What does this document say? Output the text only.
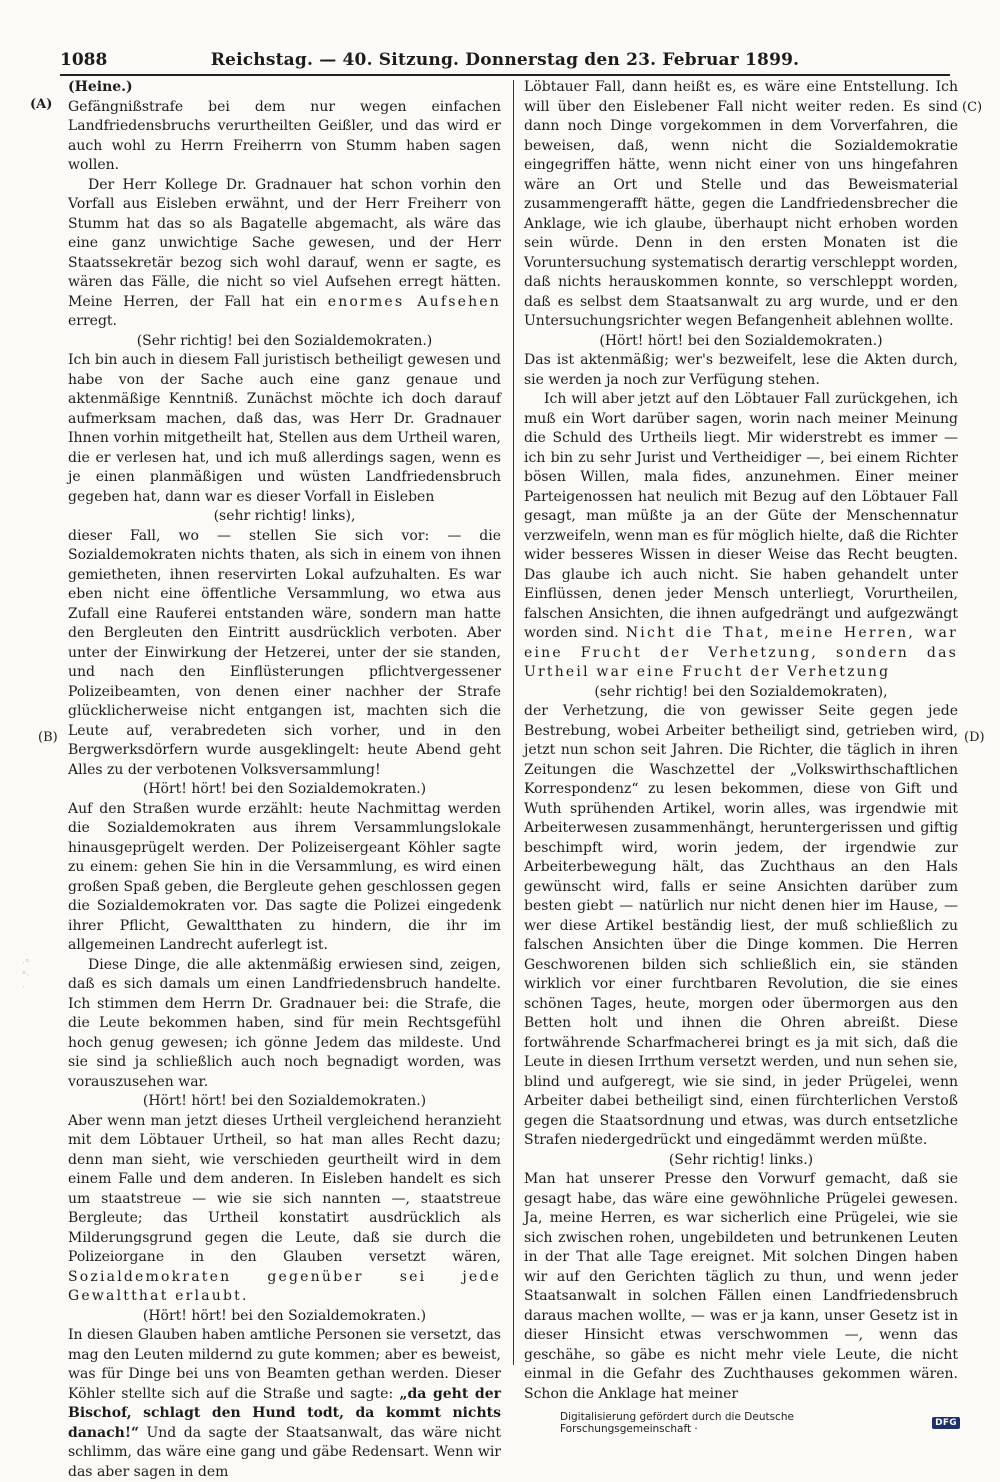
1088	Reichstag. — 40. Sitzung. Donnerstag den 23. Februar 1899.
(A)
(B)
(C)
(D)
·°
°·
·

(Heine.)

Gefängnißstrafe bei dem nur wegen einfachen Landfriedensbruchs verurtheilten Geißler, und das wird er auch wohl zu Herrn Freiherrn von Stumm haben sagen wollen.

Der Herr Kollege Dr. Gradnauer hat schon vorhin den Vorfall aus Eisleben erwähnt, und der Herr Freiherr von Stumm hat das so als Bagatelle abgemacht, als wäre das eine ganz unwichtige Sache gewesen, und der Herr Staatssekretär bezog sich wohl darauf, wenn er sagte, es wären das Fälle, die nicht so viel Aufsehen erregt hätten. Meine Herren, der Fall hat ein enormes Aufsehen erregt.

(Sehr richtig! bei den Sozialdemokraten.)

Ich bin auch in diesem Fall juristisch betheiligt gewesen und habe von der Sache auch eine ganz genaue und aktenmäßige Kenntniß. Zunächst möchte ich doch darauf aufmerksam machen, daß das, was Herr Dr. Gradnauer Ihnen vorhin mitgetheilt hat, Stellen aus dem Urtheil waren, die er verlesen hat, und ich muß allerdings sagen, wenn es je einen planmäßigen und wüsten Landfriedensbruch gegeben hat, dann war es dieser Vorfall in Eisleben

(sehr richtig! links),

dieser Fall, wo — stellen Sie sich vor: — die Sozialdemokraten nichts thaten, als sich in einem von ihnen gemietheten, ihnen reservirten Lokal aufzuhalten. Es war eben nicht eine öffentliche Versammlung, wo etwa aus Zufall eine Rauferei entstanden wäre, sondern man hatte den Bergleuten den Eintritt ausdrücklich verboten. Aber unter der Einwirkung der Hetzerei, unter der sie standen, und nach den Einflüsterungen pflichtvergessener Polizeibeamten, von denen einer nachher der Strafe glücklicherweise nicht entgangen ist, machten sich die Leute auf, verabredeten sich vorher, und in den Bergwerksdörfern wurde ausgeklingelt: heute Abend geht Alles zu der verbotenen Volksversammlung!

(Hört! hört! bei den Sozialdemokraten.)

Auf den Straßen wurde erzählt: heute Nachmittag werden die Sozialdemokraten aus ihrem Versammlungslokale hinausgeprügelt werden. Der Polizeisergeant Köhler sagte zu einem: gehen Sie hin in die Versammlung, es wird einen großen Spaß geben, die Bergleute gehen geschlossen gegen die Sozialdemokraten vor. Das sagte die Polizei eingedenk ihrer Pflicht, Gewaltthaten zu hindern, die ihr im allgemeinen Landrecht auferlegt ist.

Diese Dinge, die alle aktenmäßig erwiesen sind, zeigen, daß es sich damals um einen Landfriedensbruch handelte. Ich stimmen dem Herrn Dr. Gradnauer bei: die Strafe, die die Leute bekommen haben, sind für mein Rechtsgefühl hoch genug gewesen; ich gönne Jedem das mildeste. Und sie sind ja schließlich auch noch begnadigt worden, was vorauszusehen war.

(Hört! hört! bei den Sozialdemokraten.)

Aber wenn man jetzt dieses Urtheil vergleichend heranzieht mit dem Löbtauer Urtheil, so hat man alles Recht dazu; denn man sieht, wie verschieden geurtheilt wird in dem einem Falle und dem anderen. In Eisleben handelt es sich um staatstreue — wie sie sich nannten —, staatstreue Bergleute; das Urtheil konstatirt ausdrücklich als Milderungsgrund gegen die Leute, daß sie durch die Polizeiorgane in den Glauben versetzt wären, Sozialdemokraten gegenüber sei jede Gewaltthat erlaubt.

(Hört! hört! bei den Sozialdemokraten.)

In diesen Glauben haben amtliche Personen sie versetzt, das mag den Leuten mildernd zu gute kommen; aber es beweist, was für Dinge bei uns von Beamten gethan werden. Dieser Köhler stellte sich auf die Straße und sagte: „da geht der Bischof, schlagt den Hund todt, da kommt nichts danach!“ Und da sagte der Staatsanwalt, das wäre nicht schlimm, das wäre eine gang und gäbe Redensart. Wenn wir das aber sagen in dem

Löbtauer Fall, dann heißt es, es wäre eine Entstellung. Ich will über den Eislebener Fall nicht weiter reden. Es sind dann noch Dinge vorgekommen in dem Vorverfahren, die beweisen, daß, wenn nicht die Sozialdemokratie eingegriffen hätte, wenn nicht einer von uns hingefahren wäre an Ort und Stelle und das Beweismaterial zusammengerafft hätte, gegen die Landfriedensbrecher die Anklage, wie ich glaube, überhaupt nicht erhoben worden sein würde. Denn in den ersten Monaten ist die Voruntersuchung systematisch derartig verschleppt worden, daß nichts herauskommen konnte, so verschleppt worden, daß es selbst dem Staatsanwalt zu arg wurde, und er den Untersuchungsrichter wegen Befangenheit ablehnen wollte.

(Hört! hört! bei den Sozialdemokraten.)

Das ist aktenmäßig; wer's bezweifelt, lese die Akten durch, sie werden ja noch zur Verfügung stehen.

Ich will aber jetzt auf den Löbtauer Fall zurückgehen, ich muß ein Wort darüber sagen, worin nach meiner Meinung die Schuld des Urtheils liegt. Mir widerstrebt es immer — ich bin zu sehr Jurist und Vertheidiger —, bei einem Richter bösen Willen, mala fides, anzunehmen. Einer meiner Parteigenossen hat neulich mit Bezug auf den Löbtauer Fall gesagt, man müßte ja an der Güte der Menschennatur verzweifeln, wenn man es für möglich hielte, daß die Richter wider besseres Wissen in dieser Weise das Recht beugten. Das glaube ich auch nicht. Sie haben gehandelt unter Einflüssen, denen jeder Mensch unterliegt, Vorurtheilen, falschen Ansichten, die ihnen aufgedrängt und aufgezwängt worden sind. Nicht die That, meine Herren, war eine Frucht der Verhetzung, sondern das Urtheil war eine Frucht der Verhetzung

(sehr richtig! bei den Sozialdemokraten),

der Verhetzung, die von gewisser Seite gegen jede Bestrebung, wobei Arbeiter betheiligt sind, getrieben wird, jetzt nun schon seit Jahren. Die Richter, die täglich in ihren Zeitungen die Waschzettel der „Volkswirthschaftlichen Korrespondenz“ zu lesen bekommen, diese von Gift und Wuth sprühenden Artikel, worin alles, was irgendwie mit Arbeiterwesen zusammenhängt, heruntergerissen und giftig beschimpft wird, worin jedem, der irgendwie zur Arbeiterbewegung hält, das Zuchthaus an den Hals gewünscht wird, falls er seine Ansichten darüber zum besten giebt — natürlich nur nicht denen hier im Hause, — wer diese Artikel beständig liest, der muß schließlich zu falschen Ansichten über die Dinge kommen. Die Herren Geschworenen bilden sich schließlich ein, sie ständen wirklich vor einer furchtbaren Revolution, die sie eines schönen Tages, heute, morgen oder übermorgen aus den Betten holt und ihnen die Ohren abreißt. Diese fortwährende Scharfmacherei bringt es ja mit sich, daß die Leute in diesen Irrthum versetzt werden, und nun sehen sie, blind und aufgeregt, wie sie sind, in jeder Prügelei, wenn Arbeiter dabei betheiligt sind, einen fürchterlichen Verstoß gegen die Staatsordnung und etwas, was durch entsetzliche Strafen niedergedrückt und eingedämmt werden müßte.

(Sehr richtig! links.)

Man hat unserer Presse den Vorwurf gemacht, daß sie gesagt habe, das wäre eine gewöhnliche Prügelei gewesen. Ja, meine Herren, es war sicherlich eine Prügelei, wie sie sich zwischen rohen, ungebildeten und betrunkenen Leuten in der That alle Tage ereignet. Mit solchen Dingen haben wir auf den Gerichten täglich zu thun, und wenn jeder Staatsanwalt in solchen Fällen einen Landfriedensbruch daraus machen wollte, — was er ja kann, unser Gesetz ist in dieser Hinsicht etwas verschwommen —, wenn das geschähe, so gäbe es nicht mehr viele Leute, die nicht einmal in die Gefahr des Zuchthauses gekommen wären. Schon die Anklage hat meiner

Digitalisierung gefördert durch die Deutsche Forschungsgemeinschaft ·	DFG
